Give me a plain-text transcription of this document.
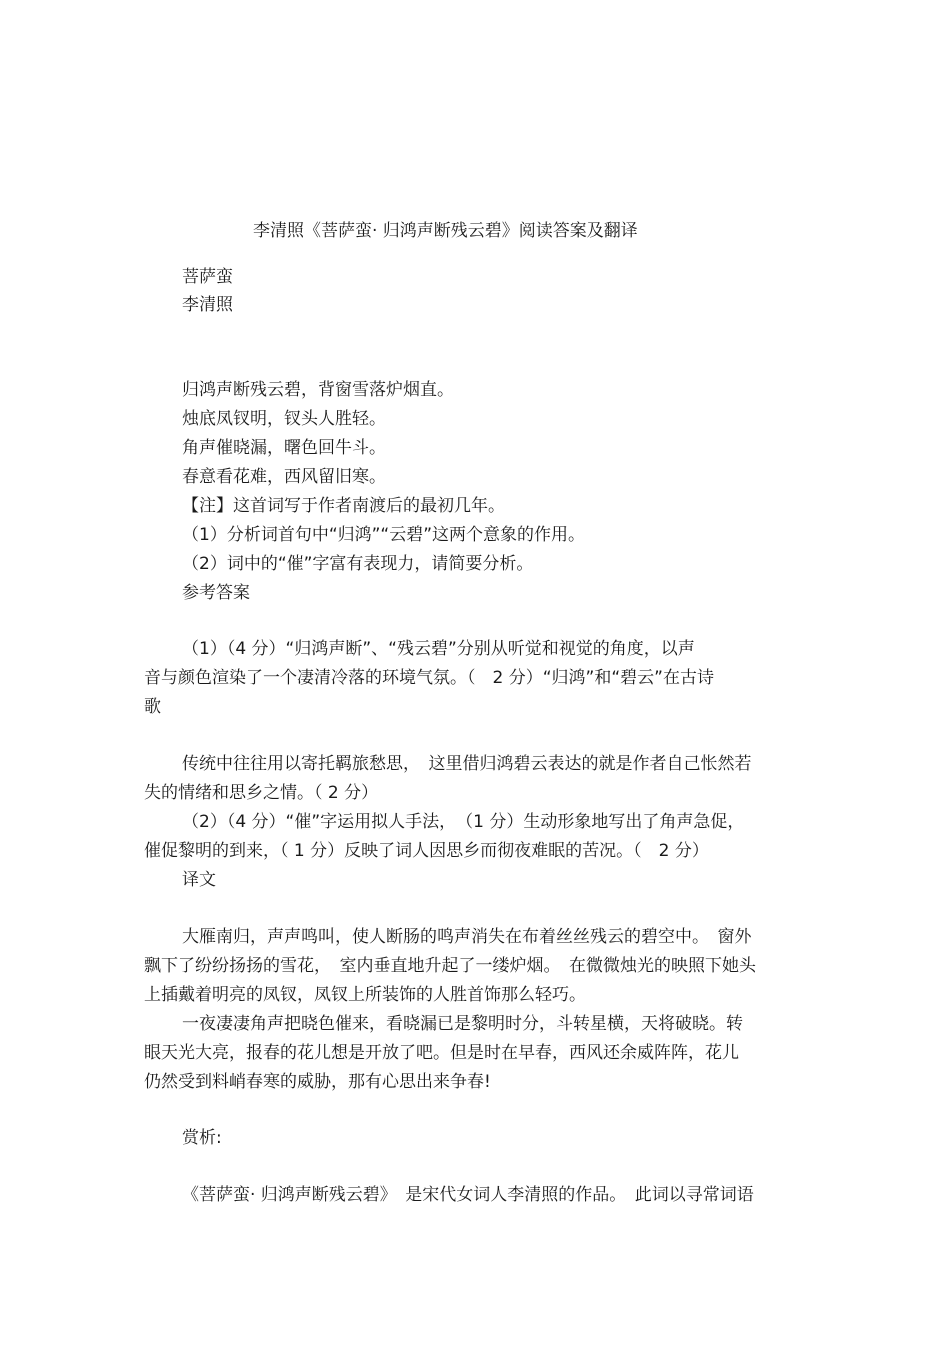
李清照《菩萨蛮· 归鸿声断残云碧》阅读答案及翻译
菩萨蛮
李清照
归鸿声断残云碧，背窗雪落炉烟直。
烛底凤钗明，钗头人胜轻。
角声催晓漏，曙色回牛斗。
春意看花难，西风留旧寒。
【注】这首词写于作者南渡后的最初几年。
（1）分析词首句中“归鸿”“云碧”这两个意象的作用。
（2）词中的“催”字富有表现力，请简要分析。
参考答案
（1）（4 分）“归鸿声断”、“残云碧”分别从听觉和视觉的角度，以声
音与颜色渲染了一个凄清冷落的环境气氛。（　2 分）“归鸿”和“碧云”在古诗
歌
传统中往往用以寄托羁旅愁思，　这里借归鸿碧云表达的就是作者自己怅然若
失的情绪和思乡之情。（ 2 分）
（2）（4 分）“催”字运用拟人手法，　（1 分）生动形象地写出了角声急促，
催促黎明的到来，（ 1 分）反映了词人因思乡而彻夜难眠的苦况。（　2 分）
译文
大雁南归，声声鸣叫，使人断肠的鸣声消失在布着丝丝残云的碧空中。　窗外
飘下了纷纷扬扬的雪花，　室内垂直地升起了一缕炉烟。　在微微烛光的映照下她头
上插戴着明亮的凤钗，凤钗上所装饰的人胜首饰那么轻巧。
一夜凄凄角声把晓色催来，看晓漏已是黎明时分，斗转星横，天将破晓。转
眼天光大亮，报春的花儿想是开放了吧。但是时在早春，西风还余威阵阵，花儿
仍然受到料峭春寒的威胁，那有心思出来争春!
赏析:
《菩萨蛮· 归鸿声断残云碧》　是宋代女词人李清照的作品。　此词以寻常词语
